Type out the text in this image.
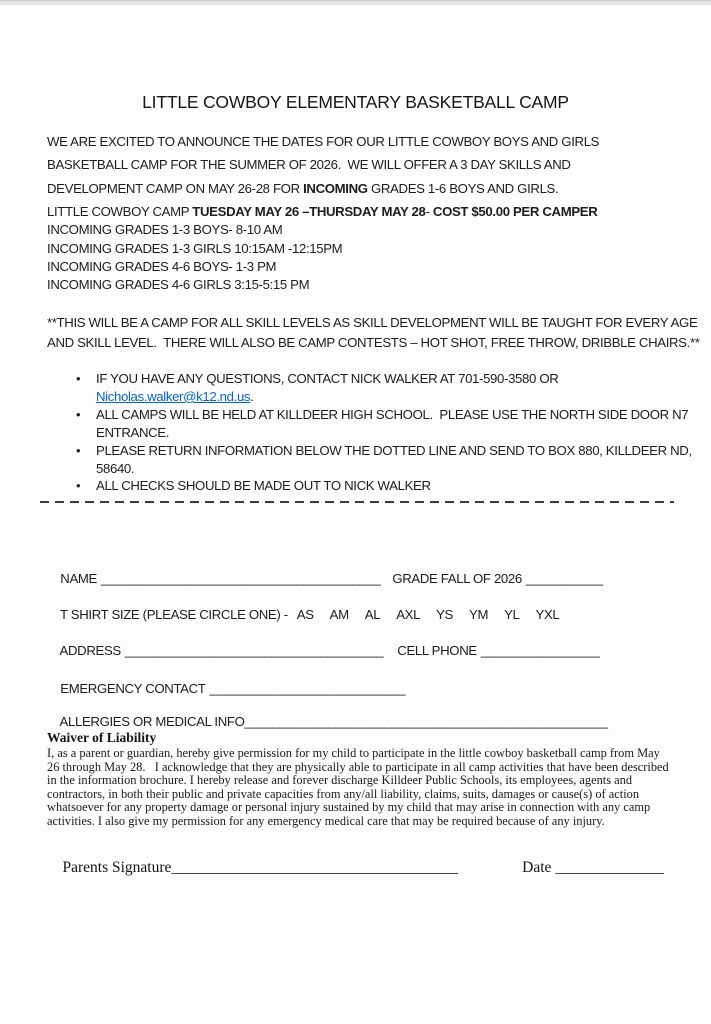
LITTLE COWBOY ELEMENTARY BASKETBALL CAMP
WE ARE EXCITED TO ANNOUNCE THE DATES FOR OUR LITTLE COWBOY BOYS AND GIRLS
BASKETBALL CAMP FOR THE SUMMER OF 2026.  WE WILL OFFER A 3 DAY SKILLS AND
DEVELOPMENT CAMP ON MAY 26-28 FOR INCOMING GRADES 1-6 BOYS AND GIRLS.
LITTLE COWBOY CAMP TUESDAY MAY 26 –THURSDAY MAY 28- COST $50.00 PER CAMPER
INCOMING GRADES 1-3 BOYS- 8-10 AM
INCOMING GRADES 1-3 GIRLS 10:15AM -12:15PM
INCOMING GRADES 4-6 BOYS- 1-3 PM
INCOMING GRADES 4-6 GIRLS 3:15-5:15 PM
**THIS WILL BE A CAMP FOR ALL SKILL LEVELS AS SKILL DEVELOPMENT WILL BE TAUGHT FOR EVERY AGE
AND SKILL LEVEL.  THERE WILL ALSO BE CAMP CONTESTS – HOT SHOT, FREE THROW, DRIBBLE CHAIRS.**
• IF YOU HAVE ANY QUESTIONS, CONTACT NICK WALKER AT 701-590-3580 OR
Nicholas.walker@k12.nd.us.
• ALL CAMPS WILL BE HELD AT KILLDEER HIGH SCHOOL.  PLEASE USE THE NORTH SIDE DOOR N7
ENTRANCE.
• PLEASE RETURN INFORMATION BELOW THE DOTTED LINE AND SEND TO BOX 880, KILLDEER ND,
58640.
• ALL CHECKS SHOULD BE MADE OUT TO NICK WALKER

NAME ________________________________________ GRADE FALL OF 2026 ___________

T SHIRT SIZE (PLEASE CIRCLE ONE) - AS AM AL AXL YS YM YL YXL

ADDRESS _____________________________________ CELL PHONE _________________

EMERGENCY CONTACT ____________________________

ALLERGIES OR MEDICAL INFO____________________________________________________

Waiver of Liability
I, as a parent or guardian, hereby give permission for my child to participate in the little cowboy basketball camp from May 26 through May 28.   I acknowledge that they are physically able to participate in all camp activities that have been described in the information brochure. I hereby release and forever discharge Killdeer Public Schools, its employees, agents and contractors, in both their public and private capacities from any/all liability, claims, suits, damages or cause(s) of action whatsoever for any property damage or personal injury sustained by my child that may arise in connection with any camp activities. I also give my permission for any emergency medical care that may be required because of any injury.

Parents Signature_____________________________________	Date ______________
